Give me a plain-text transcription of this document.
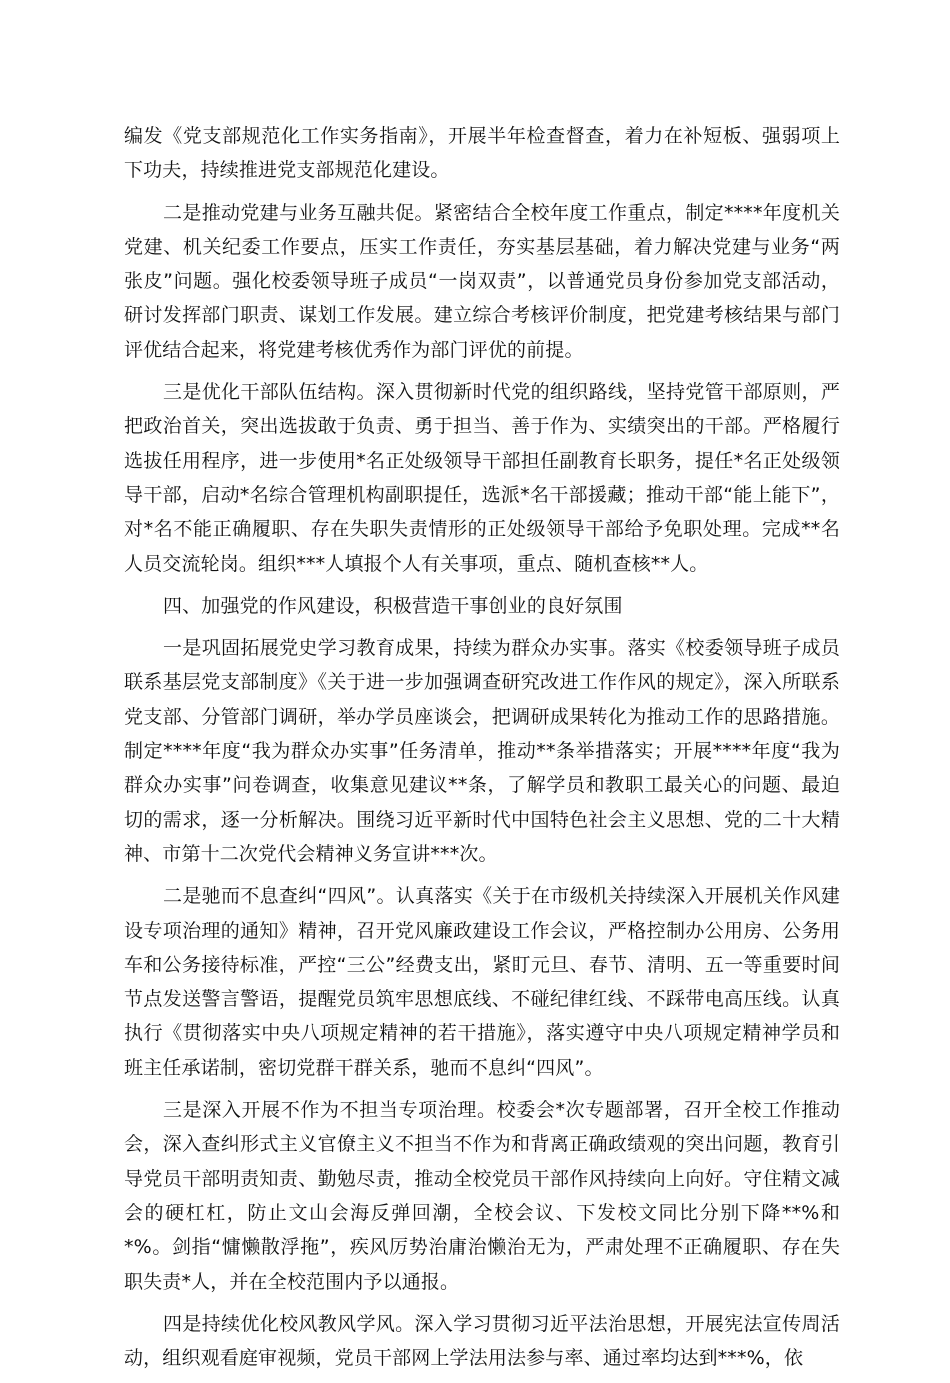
编发《党支部规范化工作实务指南》，开展半年检查督查，着力在补短板、强弱项上下功夫，持续推进党支部规范化建设。

二是推动党建与业务互融共促。紧密结合全校年度工作重点，制定****年度机关党建、机关纪委工作要点，压实工作责任，夯实基层基础，着力解决党建与业务“两张皮”问题。强化校委领导班子成员“一岗双责”，以普通党员身份参加党支部活动，研讨发挥部门职责、谋划工作发展。建立综合考核评价制度，把党建考核结果与部门评优结合起来，将党建考核优秀作为部门评优的前提。

三是优化干部队伍结构。深入贯彻新时代党的组织路线，坚持党管干部原则，严把政治首关，突出选拔敢于负责、勇于担当、善于作为、实绩突出的干部。严格履行选拔任用程序，进一步使用*名正处级领导干部担任副教育长职务，提任*名正处级领导干部，启动*名综合管理机构副职提任，选派*名干部援藏；推动干部“能上能下”，对*名不能正确履职、存在失职失责情形的正处级领导干部给予免职处理。完成**名人员交流轮岗。组织***人填报个人有关事项，重点、随机查核**人。

四、加强党的作风建设，积极营造干事创业的良好氛围

一是巩固拓展党史学习教育成果，持续为群众办实事。落实《校委领导班子成员联系基层党支部制度》《关于进一步加强调查研究改进工作作风的规定》，深入所联系党支部、分管部门调研，举办学员座谈会，把调研成果转化为推动工作的思路措施。制定****年度“我为群众办实事”任务清单，推动**条举措落实；开展****年度“我为群众办实事”问卷调查，收集意见建议**条，了解学员和教职工最关心的问题、最迫切的需求，逐一分析解决。围绕习近平新时代中国特色社会主义思想、党的二十大精神、市第十二次党代会精神义务宣讲***次。

二是驰而不息查纠“四风”。认真落实《关于在市级机关持续深入开展机关作风建设专项治理的通知》精神，召开党风廉政建设工作会议，严格控制办公用房、公务用车和公务接待标准，严控“三公”经费支出，紧盯元旦、春节、清明、五一等重要时间节点发送警言警语，提醒党员筑牢思想底线、不碰纪律红线、不踩带电高压线。认真执行《贯彻落实中央八项规定精神的若干措施》，落实遵守中央八项规定精神学员和班主任承诺制，密切党群干群关系，驰而不息纠“四风”。

三是深入开展不作为不担当专项治理。校委会*次专题部署，召开全校工作推动会，深入查纠形式主义官僚主义不担当不作为和背离正确政绩观的突出问题，教育引导党员干部明责知责、勤勉尽责，推动全校党员干部作风持续向上向好。守住精文减会的硬杠杠，防止文山会海反弹回潮，全校会议、下发校文同比分别下降**%和*%。剑指“慵懒散浮拖”，疾风厉势治庸治懒治无为，严肃处理不正确履职、存在失职失责*人，并在全校范围内予以通报。

四是持续优化校风教风学风。深入学习贯彻习近平法治思想，开展宪法宣传周活动，组织观看庭审视频，党员干部网上学法用法参与率、通过率均达到***%，依
